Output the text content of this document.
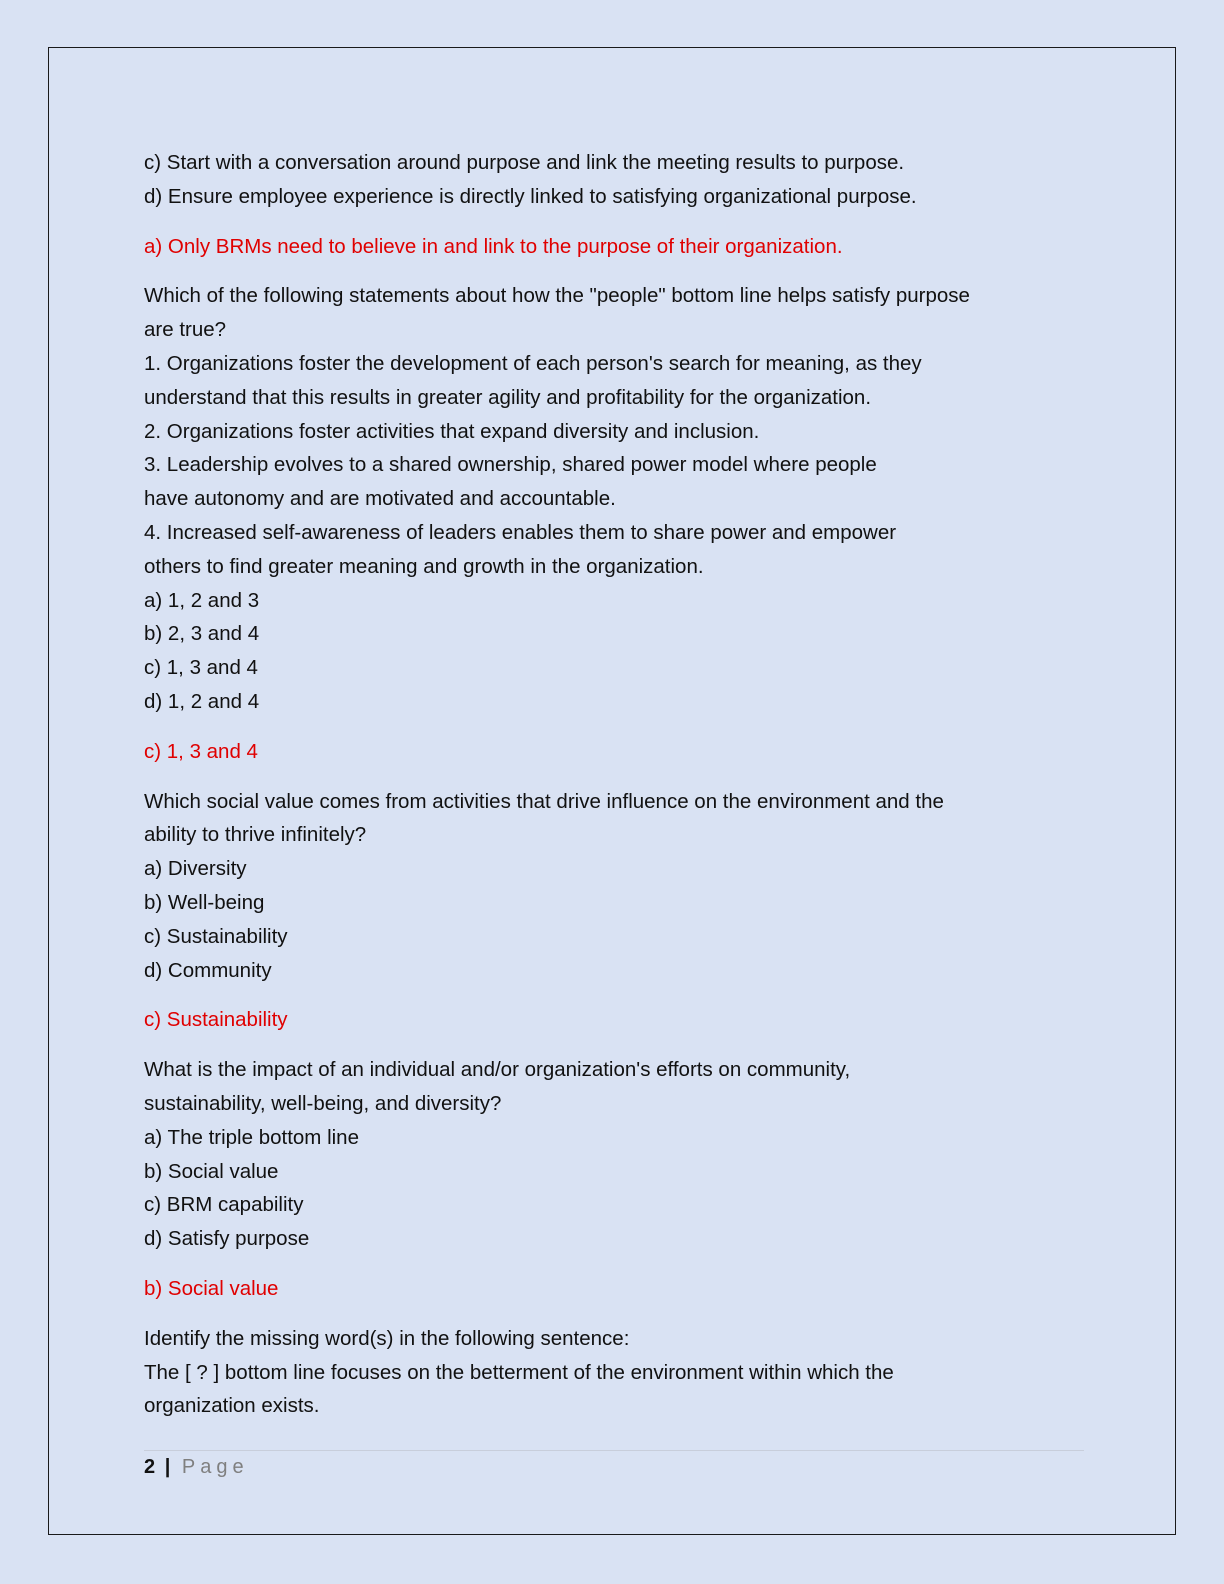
c) Start with a conversation around purpose and link the meeting results to purpose.
d) Ensure employee experience is directly linked to satisfying organizational purpose.
a) Only BRMs need to believe in and link to the purpose of their organization.
Which of the following statements about how the "people" bottom line helps satisfy purpose
are true?
1. Organizations foster the development of each person's search for meaning, as they
understand that this results in greater agility and profitability for the organization.
2. Organizations foster activities that expand diversity and inclusion.
3. Leadership evolves to a shared ownership, shared power model where people
have autonomy and are motivated and accountable.
4. Increased self-awareness of leaders enables them to share power and empower
others to find greater meaning and growth in the organization.
a) 1, 2 and 3
b) 2, 3 and 4
c) 1, 3 and 4
d) 1, 2 and 4
c) 1, 3 and 4
Which social value comes from activities that drive influence on the environment and the
ability to thrive infinitely?
a) Diversity
b) Well-being
c) Sustainability
d) Community
c) Sustainability
What is the impact of an individual and/or organization's efforts on community,
sustainability, well-being, and diversity?
a) The triple bottom line
b) Social value
c) BRM capability
d) Satisfy purpose
b) Social value
Identify the missing word(s) in the following sentence:
The [ ? ] bottom line focuses on the betterment of the environment within which the
organization exists.
2 | Page
